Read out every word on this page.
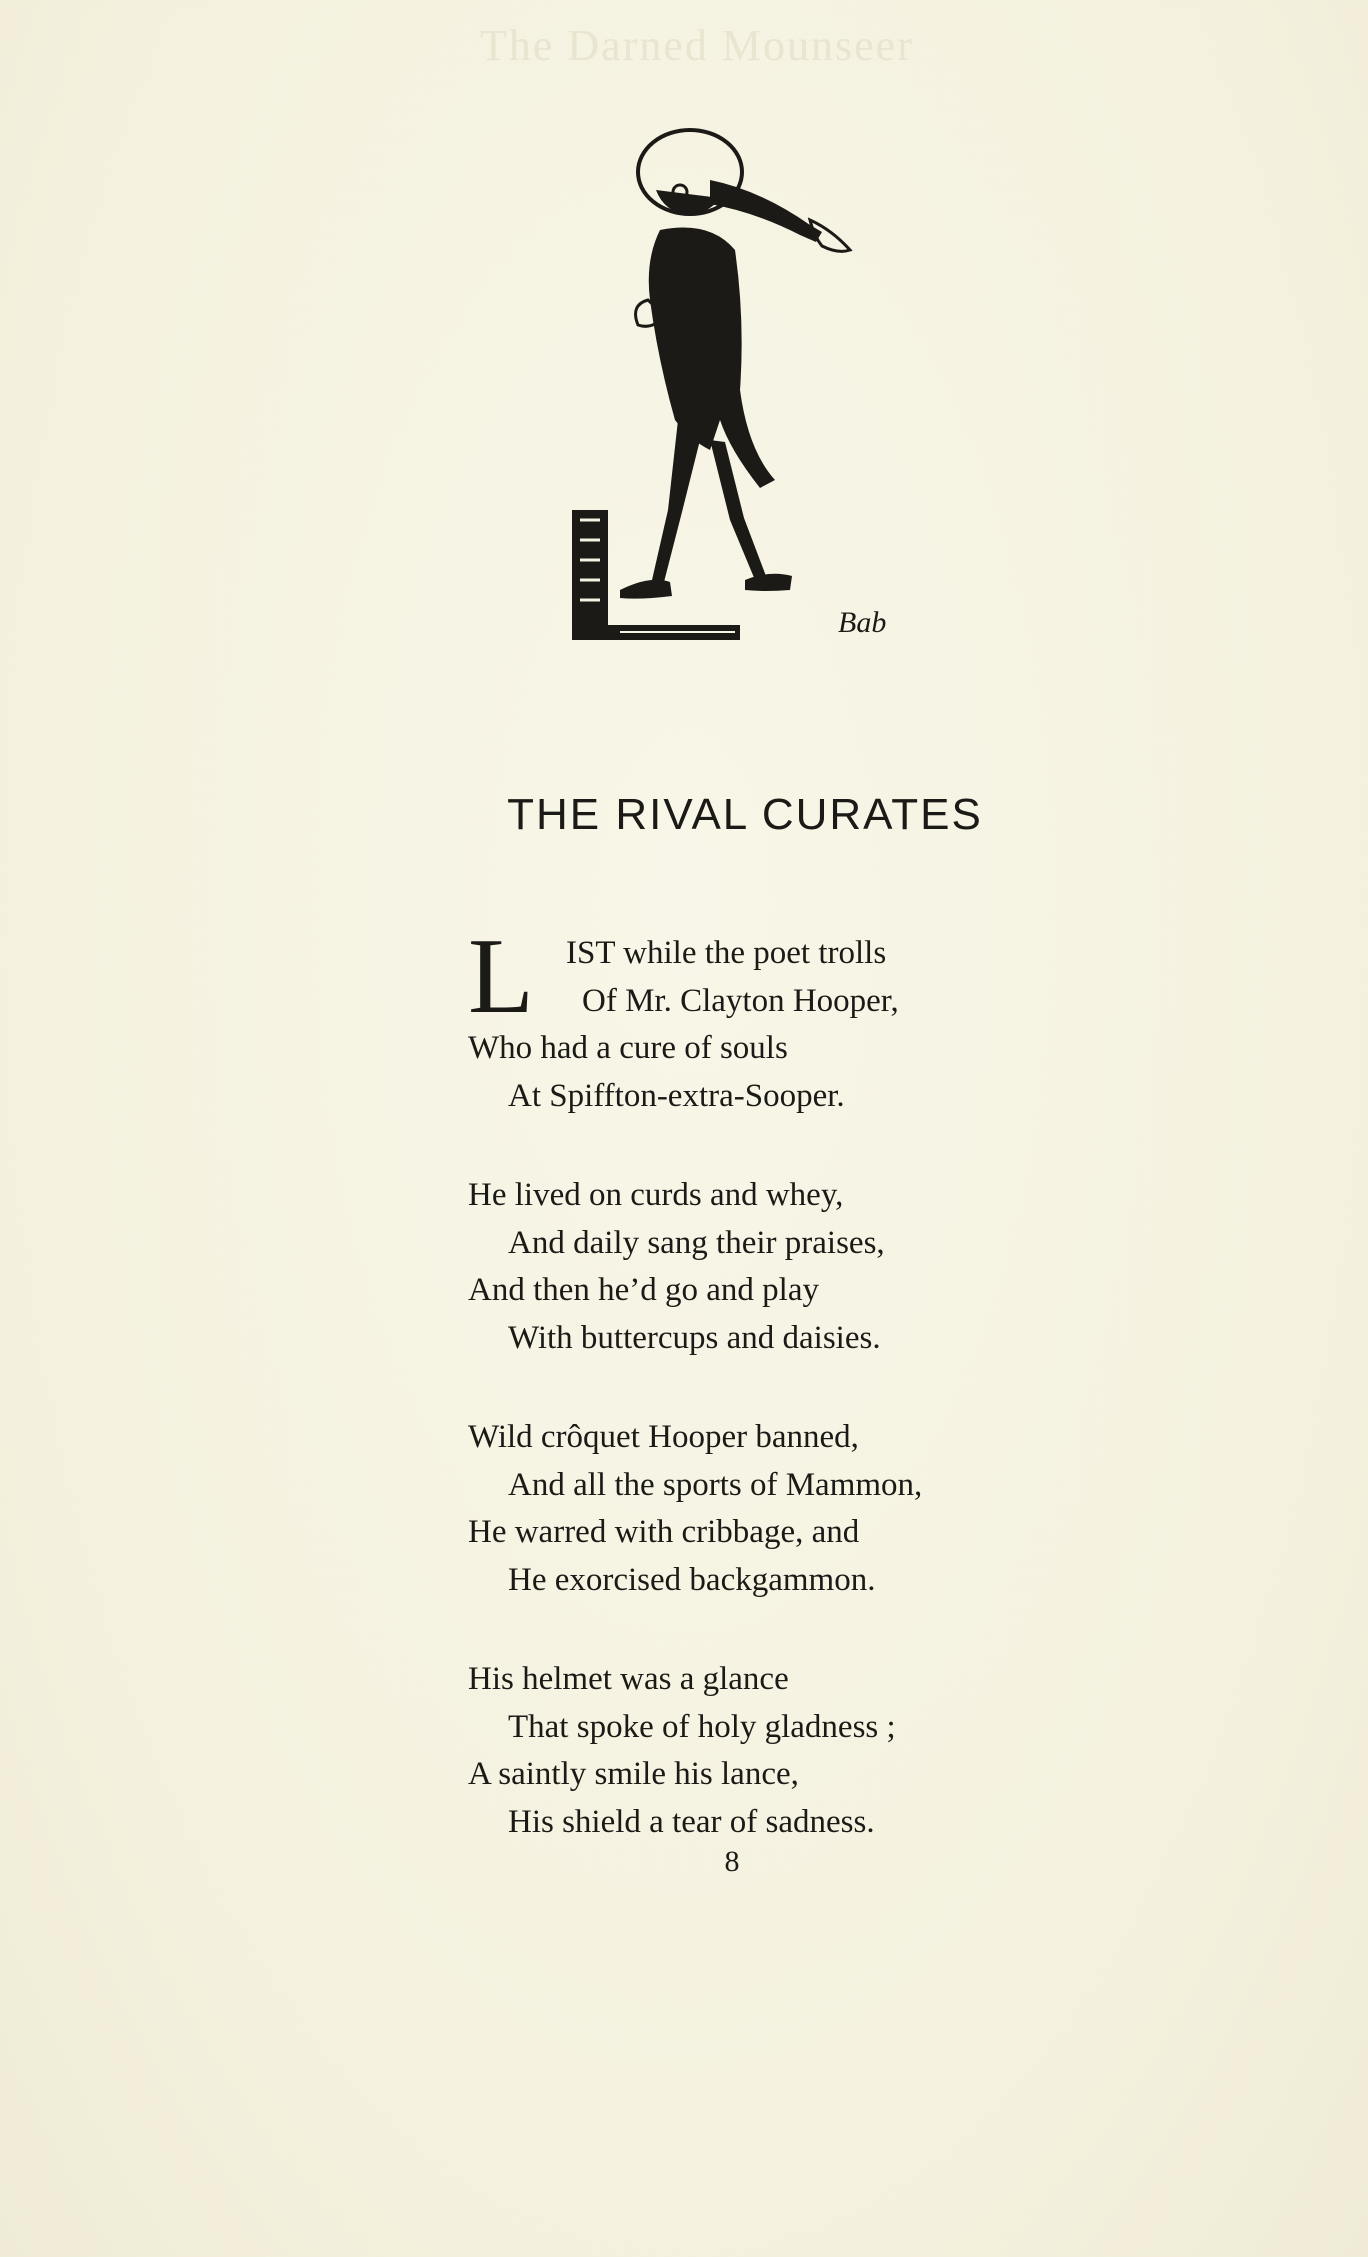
The Darned Mounseer
Bab
THE RIVAL CURATES
L IST while the poet trolls
Of Mr. Clayton Hooper,
Who had a cure of souls
At Spiffton-extra-Sooper.
He lived on curds and whey,
And daily sang their praises,
And then he’d go and play
With buttercups and daisies.
Wild crôquet Hooper banned,
And all the sports of Mammon,
He warred with cribbage, and
He exorcised backgammon.
His helmet was a glance
That spoke of holy gladness ;
A saintly smile his lance,
His shield a tear of sadness.
8
